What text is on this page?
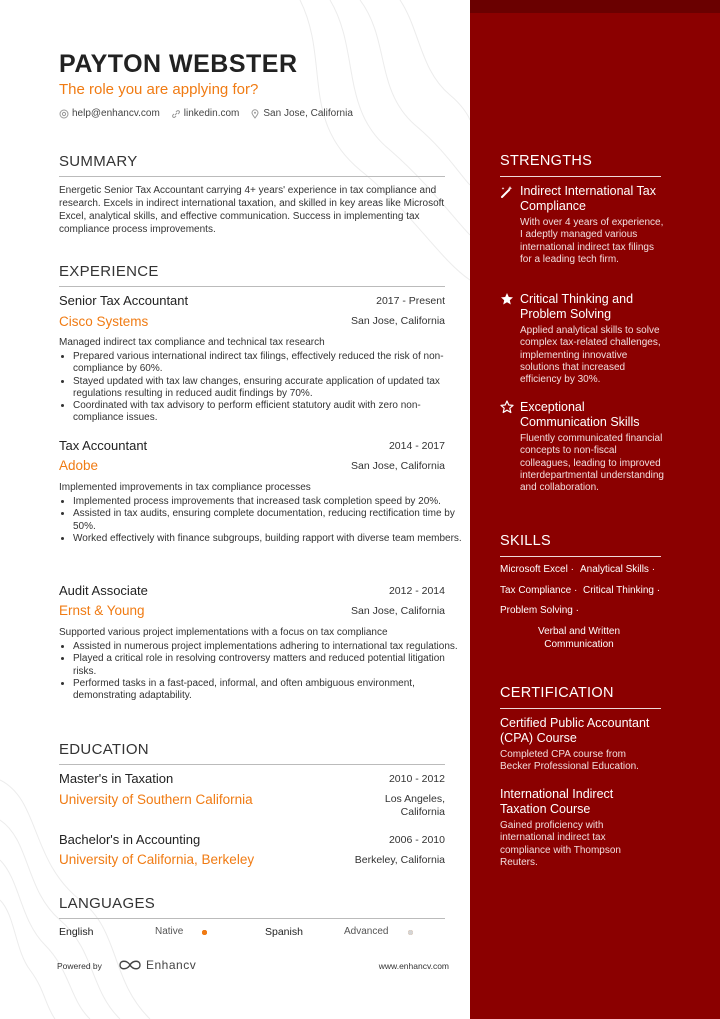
PAYTON WEBSTER
The role you are applying for?
help@enhancv.com linkedin.com San Jose, California
SUMMARY
Energetic Senior Tax Accountant carrying 4+ years' experience in tax compliance and research. Excels in indirect international taxation, and skilled in key areas like Microsoft Excel, analytical skills, and effective communication. Success in implementing tax compliance process improvements.
EXPERIENCE
Senior Tax Accountant	2017 - Present
Cisco Systems	San Jose, California
Managed indirect tax compliance and technical tax research
• Prepared various international indirect tax filings, effectively reduced the risk of non-compliance by 60%.
• Stayed updated with tax law changes, ensuring accurate application of updated tax regulations resulting in reduced audit findings by 70%.
• Coordinated with tax advisory to perform efficient statutory audit with zero non-compliance issues.
Tax Accountant	2014 - 2017
Adobe	San Jose, California
Implemented improvements in tax compliance processes
• Implemented process improvements that increased task completion speed by 20%.
• Assisted in tax audits, ensuring complete documentation, reducing rectification time by 50%.
• Worked effectively with finance subgroups, building rapport with diverse team members.
Audit Associate	2012 - 2014
Ernst & Young	San Jose, California
Supported various project implementations with a focus on tax compliance
• Assisted in numerous project implementations adhering to international tax regulations.
• Played a critical role in resolving controversy matters and reduced potential litigation risks.
• Performed tasks in a fast-paced, informal, and often ambiguous environment, demonstrating adaptability.
EDUCATION
Master's in Taxation	2010 - 2012
University of Southern California	Los Angeles,
California
Bachelor's in Accounting	2006 - 2010
University of California, Berkeley	Berkeley, California
LANGUAGES
English	Native	Spanish	Advanced
Powered by	Enhancv	www.enhancv.com
STRENGTHS
Indirect International Tax Compliance
With over 4 years of experience, I adeptly managed various international indirect tax filings for a leading tech firm.
Critical Thinking and Problem Solving
Applied analytical skills to solve complex tax-related challenges, implementing innovative solutions that increased efficiency by 30%.
Exceptional Communication Skills
Fluently communicated financial concepts to non-fiscal colleagues, leading to improved interdepartmental understanding and collaboration.
SKILLS
Microsoft Excel · Analytical Skills ·
Tax Compliance · Critical Thinking ·
Problem Solving ·
Verbal and Written Communication
CERTIFICATION
Certified Public Accountant (CPA) Course
Completed CPA course from Becker Professional Education.
International Indirect Taxation Course
Gained proficiency with international indirect tax compliance with Thompson Reuters.
